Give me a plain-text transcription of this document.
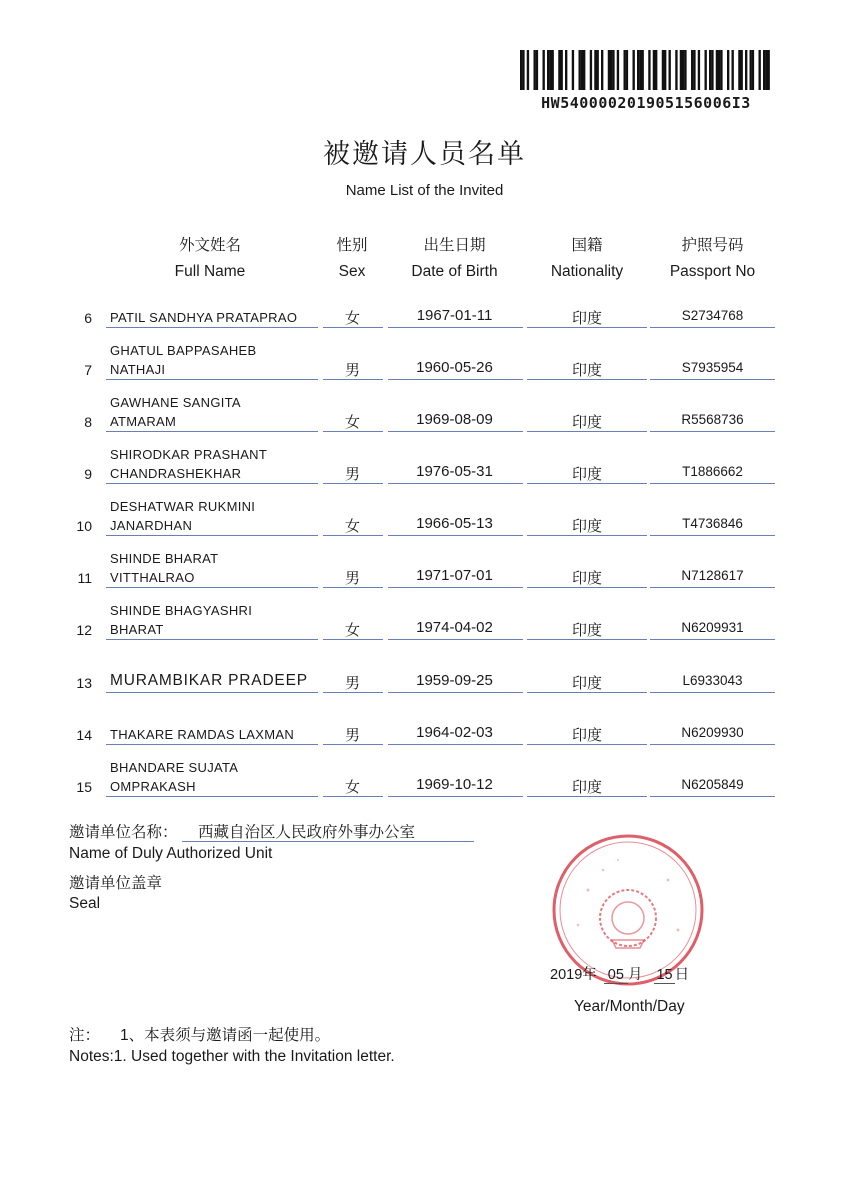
HW540000201905156006I3
被邀请人员名单
Name List of the Invited
外文姓名
Full Name
性别
Sex
出生日期
Date of Birth
国籍
Nationality
护照号码
Passport No
6 PATIL SANDHYA PRATAPRAO	女	1967-01-11	印度	S2734768
7
GHATUL BAPPASAHEB
NATHAJI	男	1960-05-26	印度	S7935954
8
GAWHANE SANGITA
ATMARAM	女	1969-08-09	印度	R5568736
9
SHIRODKAR PRASHANT
CHANDRASHEKHAR	男	1976-05-31	印度	T1886662
10
DESHATWAR RUKMINI
JANARDHAN	女	1966-05-13	印度	T4736846
11
SHINDE BHARAT
VITTHALRAO	男	1971-07-01	印度	N7128617
12
SHINDE BHAGYASHRI
BHARAT	女	1974-04-02	印度	N6209931
13 MURAMBIKAR PRADEEP	男	1959-09-25	印度	L6933043
14 THAKARE RAMDAS LAXMAN	男	1964-02-03	印度	N6209930
15
BHANDARE SUJATA
OMPRAKASH	女	1969-10-12	印度	N6205849
邀请单位名称： 西藏自治区人民政府外事办公室
Name of Duly Authorized Unit
邀请单位盖章
Seal
2019年 05 月 15 日
Year/Month/Day
注： 1、本表须与邀请函一起使用。
Notes:1. Used together with the Invitation letter.
